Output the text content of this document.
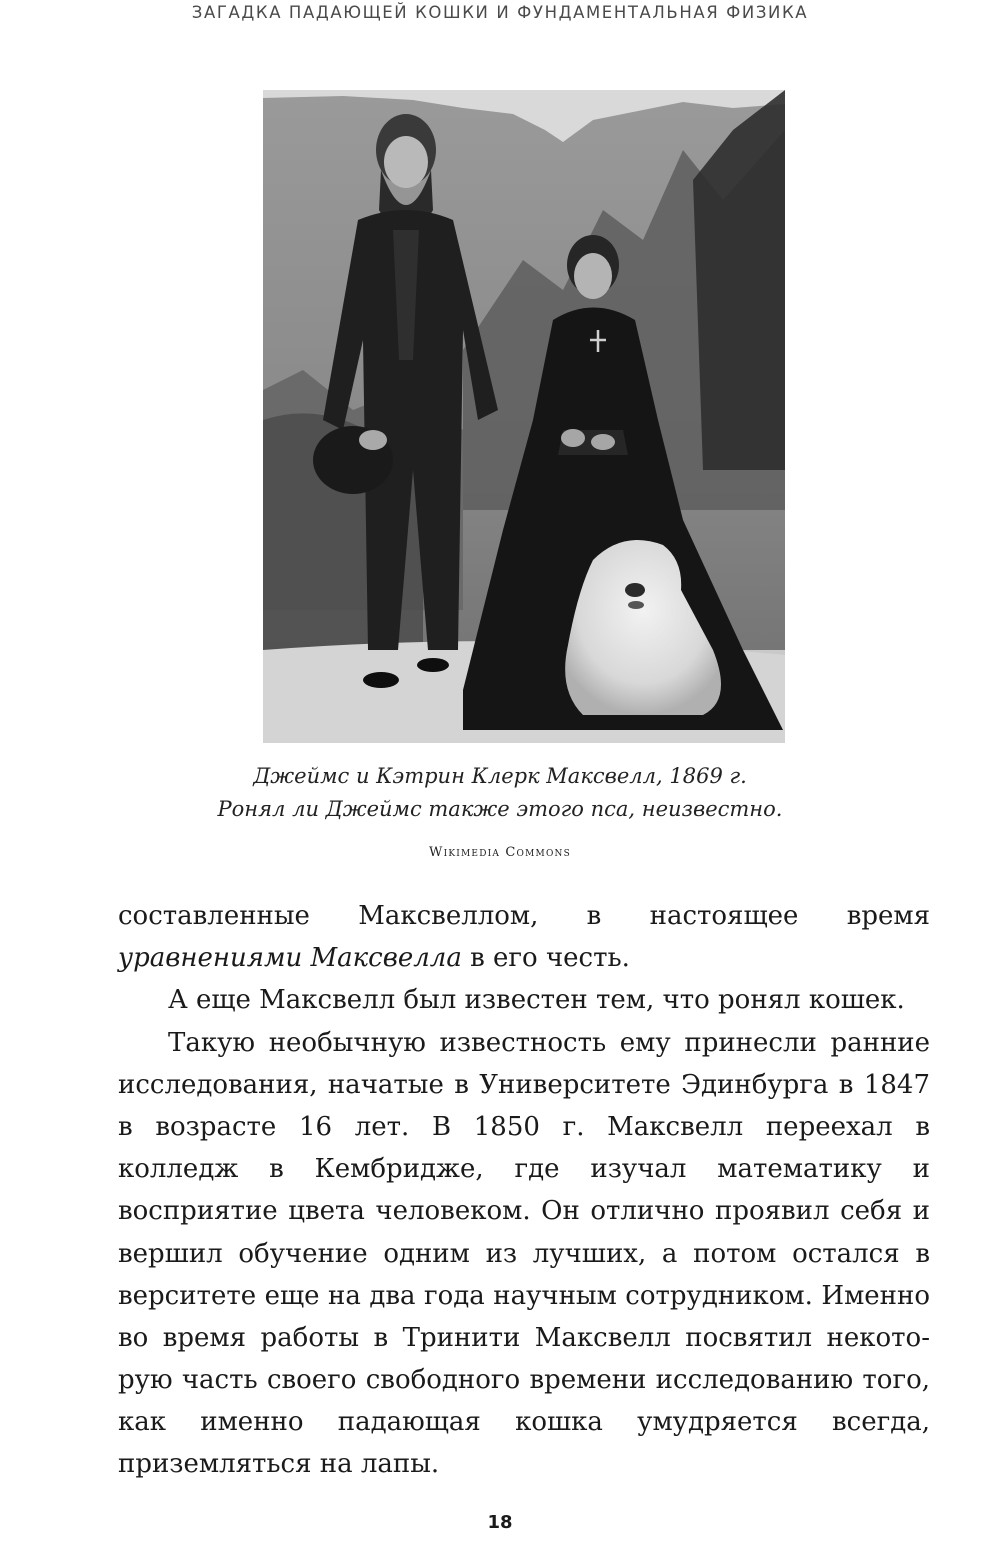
ЗАГАДКА ПАДАЮЩЕЙ КОШКИ И ФУНДАМЕНТАЛЬНАЯ ФИЗИКА
Джеймс и Кэтрин Клерк Максвелл, 1869 г.
Ронял ли Джеймс также этого пса, неизвестно.
Wikimedia Commons
составленные Максвеллом, в настоящее время
уравнениями Максвелла в его честь.
А еще Максвелл был известен тем, что ронял кошек.
Такую необычную известность ему принесли ранние
исследования, начатые в Университете Эдинбурга в 1847
в возрасте 16 лет. В 1850 г. Максвелл переехал в
колледж в Кембридже, где изучал математику и
восприятие цвета человеком. Он отлично проявил себя и
вершил обучение одним из лучших, а потом остался в
верситете еще на два года научным сотрудником. Именно
во время работы в Тринити Максвелл посвятил некото-
рую часть своего свободного времени исследованию того,
как именно падающая кошка умудряется всегда,
приземляться на лапы.
18
